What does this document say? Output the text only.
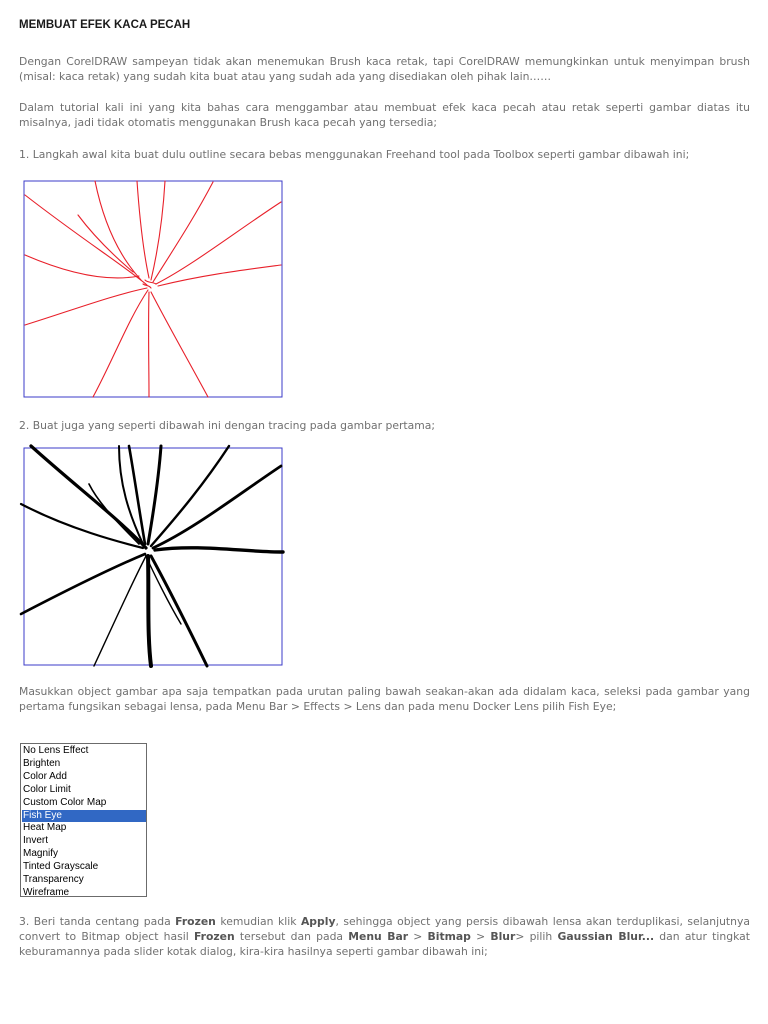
MEMBUAT EFEK KACA PECAH

Dengan CorelDRAW sampeyan tidak akan menemukan Brush kaca retak, tapi CorelDRAW memungkinkan untuk menyimpan brush (misal: kaca retak) yang sudah kita buat atau yang sudah ada yang disediakan oleh pihak lain……

Dalam tutorial kali ini yang kita bahas cara menggambar atau membuat efek kaca pecah atau retak seperti gambar diatas itu misalnya, jadi tidak otomatis menggunakan Brush kaca pecah yang tersedia;

1. Langkah awal kita buat dulu outline secara bebas menggunakan Freehand tool pada Toolbox seperti gambar dibawah ini;

2. Buat juga yang seperti dibawah ini dengan tracing pada gambar pertama;

Masukkan object gambar apa saja tempatkan pada urutan paling bawah seakan-akan ada didalam kaca, seleksi pada gambar yang pertama fungsikan sebagai lensa, pada Menu Bar > Effects > Lens dan pada menu Docker Lens pilih Fish Eye;

No Lens Effect
Brighten
Color Add
Color Limit
Custom Color Map
Fish Eye
Heat Map
Invert
Magnify
Tinted Grayscale
Transparency
Wireframe

3. Beri tanda centang pada Frozen kemudian klik Apply, sehingga object yang persis dibawah lensa akan terduplikasi, selanjutnya convert to Bitmap object hasil Frozen tersebut dan pada Menu Bar > Bitmap > Blur> pilih Gaussian Blur... dan atur tingkat keburamannya pada slider kotak dialog, kira-kira hasilnya seperti gambar dibawah ini;
